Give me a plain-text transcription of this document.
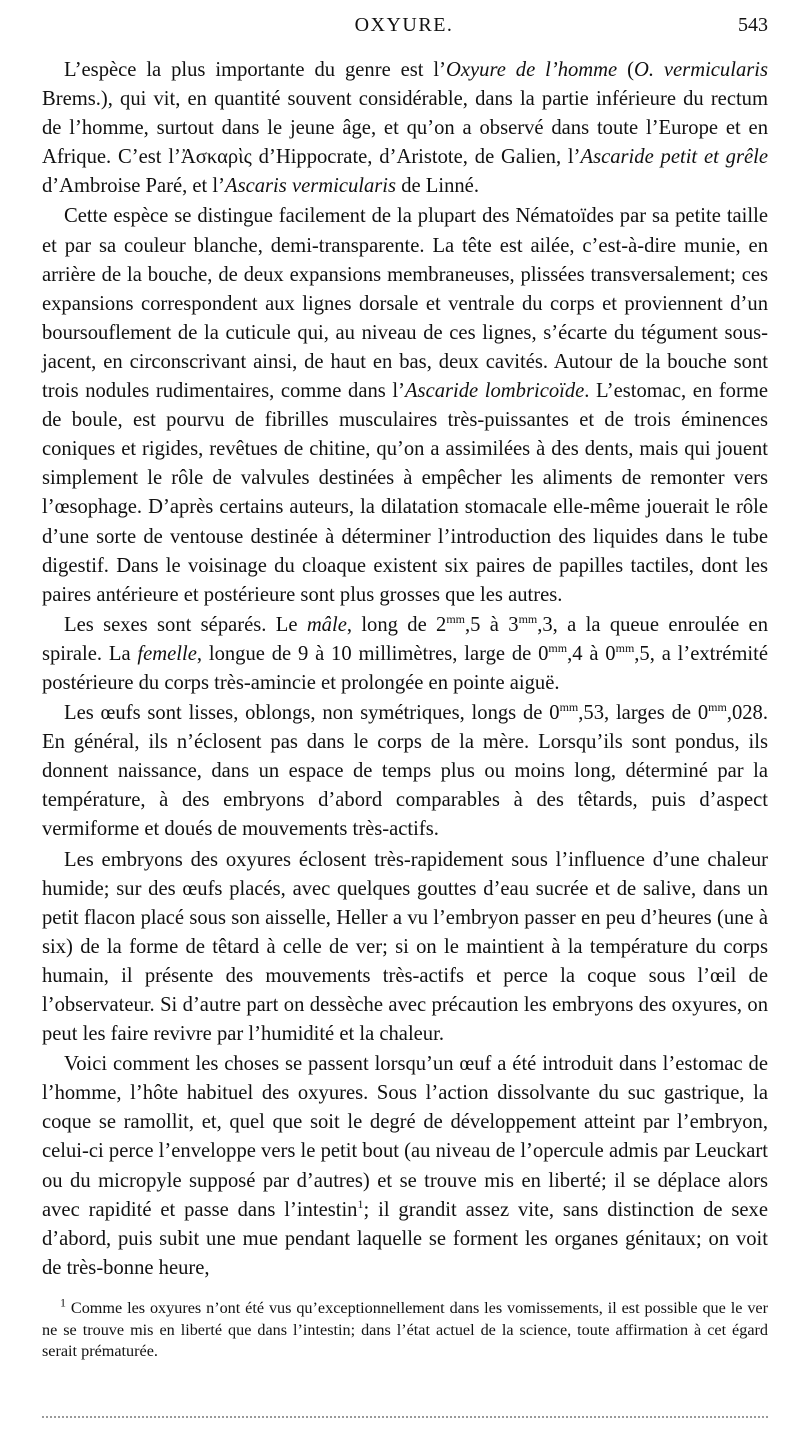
OXYURE.	543

L’espèce la plus importante du genre est l’Oxyure de l’homme (O. vermicularis Brems.), qui vit, en quantité souvent considérable, dans la partie inférieure du rectum de l’homme, surtout dans le jeune âge, et qu’on a observé dans toute l’Europe et en Afrique. C’est l’Ἀσκαρὶς d’Hippocrate, d’Aristote, de Galien, l’Ascaride petit et grêle d’Ambroise Paré, et l’Ascaris vermicularis de Linné.

Cette espèce se distingue facilement de la plupart des Nématoïdes par sa petite taille et par sa couleur blanche, demi-transparente. La tête est ailée, c’est-à-dire munie, en arrière de la bouche, de deux expansions membraneuses, plissées transversalement; ces expansions correspondent aux lignes dorsale et ventrale du corps et proviennent d’un boursouflement de la cuticule qui, au niveau de ces lignes, s’écarte du tégument sous-jacent, en circonscrivant ainsi, de haut en bas, deux cavités. Autour de la bouche sont trois nodules rudimentaires, comme dans l’Ascaride lombricoïde. L’estomac, en forme de boule, est pourvu de fibrilles musculaires très-puissantes et de trois éminences coniques et rigides, revêtues de chitine, qu’on a assimilées à des dents, mais qui jouent simplement le rôle de valvules destinées à empêcher les aliments de remonter vers l’œsophage. D’après certains auteurs, la dilatation stomacale elle-même jouerait le rôle d’une sorte de ventouse destinée à déterminer l’introduction des liquides dans le tube digestif. Dans le voisinage du cloaque existent six paires de papilles tactiles, dont les paires antérieure et postérieure sont plus grosses que les autres.

Les sexes sont séparés. Le mâle, long de $2^{mm},5$ à $3^{mm},3$, a la queue enroulée en spirale. La femelle, longue de 9 à 10 millimètres, large de $0^{mm},4$ à $0^{mm},5$, a l’extrémité postérieure du corps très-amincie et prolongée en pointe aiguë.

Les œufs sont lisses, oblongs, non symétriques, longs de $0^{mm},53$, larges de $0^{mm},028$. En général, ils n’éclosent pas dans le corps de la mère. Lorsqu’ils sont pondus, ils donnent naissance, dans un espace de temps plus ou moins long, déterminé par la température, à des embryons d’abord comparables à des têtards, puis d’aspect vermiforme et doués de mouvements très-actifs.

Les embryons des oxyures éclosent très-rapidement sous l’influence d’une chaleur humide; sur des œufs placés, avec quelques gouttes d’eau sucrée et de salive, dans un petit flacon placé sous son aisselle, Heller a vu l’embryon passer en peu d’heures (une à six) de la forme de têtard à celle de ver; si on le maintient à la température du corps humain, il présente des mouvements très-actifs et perce la coque sous l’œil de l’observateur. Si d’autre part on dessèche avec précaution les embryons des oxyures, on peut les faire revivre par l’humidité et la chaleur.

Voici comment les choses se passent lorsqu’un œuf a été introduit dans l’estomac de l’homme, l’hôte habituel des oxyures. Sous l’action dissolvante du suc gastrique, la coque se ramollit, et, quel que soit le degré de développement atteint par l’embryon, celui-ci perce l’enveloppe vers le petit bout (au niveau de l’opercule admis par Leuckart ou du micropyle supposé par d’autres) et se trouve mis en liberté; il se déplace alors avec rapidité et passe dans l’intestin$^1$; il grandit assez vite, sans distinction de sexe d’abord, puis subit une mue pendant laquelle se forment les organes génitaux; on voit de très-bonne heure,

$^1$ Comme les oxyures n’ont été vus qu’exceptionnellement dans les vomissements, il est possible que le ver ne se trouve mis en liberté que dans l’intestin; dans l’état actuel de la science, toute affirmation à cet égard serait prématurée.
